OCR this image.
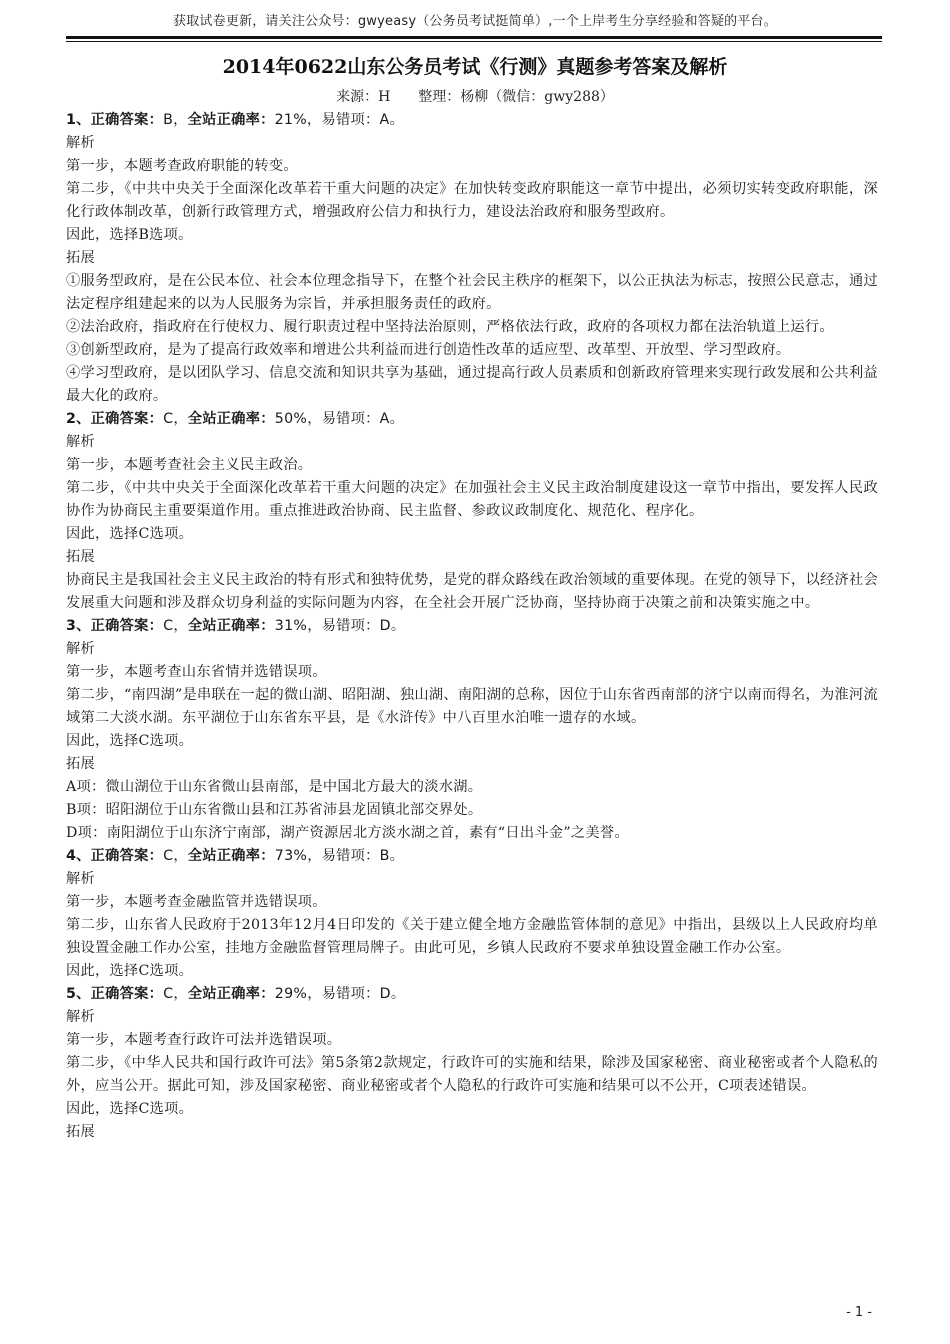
获取试卷更新，请关注公众号：gwyeasy（公务员考试挺简单）,一个上岸考生分享经验和答疑的平台。
2014年0622山东公务员考试《行测》真题参考答案及解析
来源：H　　整理：杨柳（微信：gwy288）

1、正确答案：B，全站正确率：21%，易错项：A。

解析

第一步，本题考查政府职能的转变。

第二步，《中共中央关于全面深化改革若干重大问题的决定》在加快转变政府职能这一章节中提出，必须切实转变政府职能，深化行政体制改革，创新行政管理方式，增强政府公信力和执行力，建设法治政府和服务型政府。

因此，选择B选项。

拓展

①服务型政府，是在公民本位、社会本位理念指导下，在整个社会民主秩序的框架下，以公正执法为标志，按照公民意志，通过法定程序组建起来的以为人民服务为宗旨，并承担服务责任的政府。

②法治政府，指政府在行使权力、履行职责过程中坚持法治原则，严格依法行政，政府的各项权力都在法治轨道上运行。

③创新型政府，是为了提高行政效率和增进公共利益而进行创造性改革的适应型、改革型、开放型、学习型政府。

④学习型政府，是以团队学习、信息交流和知识共享为基础，通过提高行政人员素质和创新政府管理来实现行政发展和公共利益最大化的政府。

2、正确答案：C，全站正确率：50%，易错项：A。

解析

第一步，本题考查社会主义民主政治。

第二步，《中共中央关于全面深化改革若干重大问题的决定》在加强社会主义民主政治制度建设这一章节中指出，要发挥人民政协作为协商民主重要渠道作用。重点推进政治协商、民主监督、参政议政制度化、规范化、程序化。

因此，选择C选项。

拓展

协商民主是我国社会主义民主政治的特有形式和独特优势，是党的群众路线在政治领域的重要体现。在党的领导下，以经济社会发展重大问题和涉及群众切身利益的实际问题为内容，在全社会开展广泛协商，坚持协商于决策之前和决策实施之中。

3、正确答案：C，全站正确率：31%，易错项：D。

解析

第一步，本题考查山东省情并选错误项。

第二步，“南四湖”是串联在一起的微山湖、昭阳湖、独山湖、南阳湖的总称，因位于山东省西南部的济宁以南而得名，为淮河流域第二大淡水湖。东平湖位于山东省东平县，是《水浒传》中八百里水泊唯一遗存的水域。

因此，选择C选项。

拓展

A项：微山湖位于山东省微山县南部，是中国北方最大的淡水湖。

B项：昭阳湖位于山东省微山县和江苏省沛县龙固镇北部交界处。

D项：南阳湖位于山东济宁南部，湖产资源居北方淡水湖之首，素有“日出斗金”之美誉。

4、正确答案：C，全站正确率：73%，易错项：B。

解析

第一步，本题考查金融监管并选错误项。

第二步，山东省人民政府于2013年12月4日印发的《关于建立健全地方金融监管体制的意见》中指出，县级以上人民政府均单独设置金融工作办公室，挂地方金融监督管理局牌子。由此可见，乡镇人民政府不要求单独设置金融工作办公室。

因此，选择C选项。

5、正确答案：C，全站正确率：29%，易错项：D。

解析

第一步，本题考查行政许可法并选错误项。

第二步，《中华人民共和国行政许可法》第5条第2款规定，行政许可的实施和结果，除涉及国家秘密、商业秘密或者个人隐私的外，应当公开。据此可知，涉及国家秘密、商业秘密或者个人隐私的行政许可实施和结果可以不公开，C项表述错误。

因此，选择C选项。

拓展

- 1 -
